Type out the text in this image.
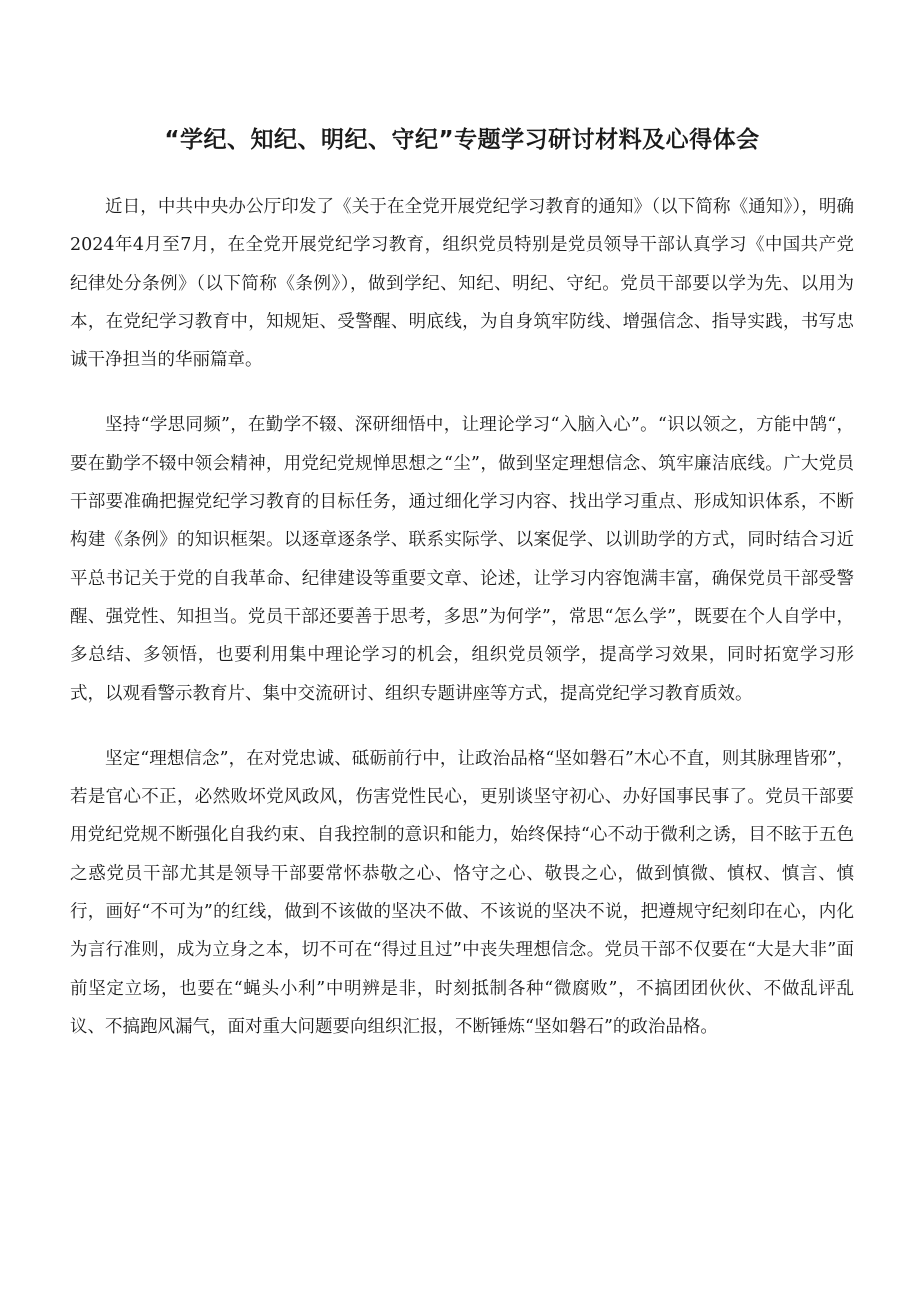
“学纪、知纪、明纪、守纪”专题学习研讨材料及心得体会

近日，中共中央办公厅印发了《关于在全党开展党纪学习教育的通知》（以下简称《通知》），明确2024年4月至7月，在全党开展党纪学习教育，组织党员特别是党员领导干部认真学习《中国共产党纪律处分条例》（以下简称《条例》），做到学纪、知纪、明纪、守纪。党员干部要以学为先、以用为本，在党纪学习教育中，知规矩、受警醒、明底线，为自身筑牢防线、增强信念、指导实践，书写忠诚干净担当的华丽篇章。

坚持“学思同频”，在勤学不辍、深研细悟中，让理论学习“入脑入心”。“识以领之，方能中鹄“，要在勤学不辍中领会精神，用党纪党规惮思想之“尘”，做到坚定理想信念、筑牢廉洁底线。广大党员干部要准确把握党纪学习教育的目标任务，通过细化学习内容、找出学习重点、形成知识体系，不断构建《条例》的知识框架。以逐章逐条学、联系实际学、以案促学、以训助学的方式，同时结合习近平总书记关于党的自我革命、纪律建设等重要文章、论述，让学习内容饱满丰富，确保党员干部受警醒、强党性、知担当。党员干部还要善于思考，多思”为何学”，常思“怎么学”，既要在个人自学中，多总结、多领悟，也要利用集中理论学习的机会，组织党员领学，提高学习效果，同时拓宽学习形式，以观看警示教育片、集中交流研讨、组织专题讲座等方式，提高党纪学习教育质效。

坚定“理想信念”，在对党忠诚、砥砺前行中，让政治品格“坚如磐石”木心不直，则其脉理皆邪”，若是官心不正，必然败坏党风政风，伤害党性民心，更别谈坚守初心、办好国事民事了。党员干部要用党纪党规不断强化自我约束、自我控制的意识和能力，始终保持“心不动于微利之诱，目不眩于五色之惑党员干部尤其是领导干部要常怀恭敬之心、恪守之心、敬畏之心，做到慎微、慎权、慎言、慎行，画好“不可为”的红线，做到不该做的坚决不做、不该说的坚决不说，把遵规守纪刻印在心，内化为言行准则，成为立身之本，切不可在“得过且过”中丧失理想信念。党员干部不仅要在“大是大非”面前坚定立场，也要在“蝇头小利”中明辨是非，时刻抵制各种“微腐败”，不搞团团伙伙、不做乱评乱议、不搞跑风漏气，面对重大问题要向组织汇报，不断锤炼“坚如磐石”的政治品格。
